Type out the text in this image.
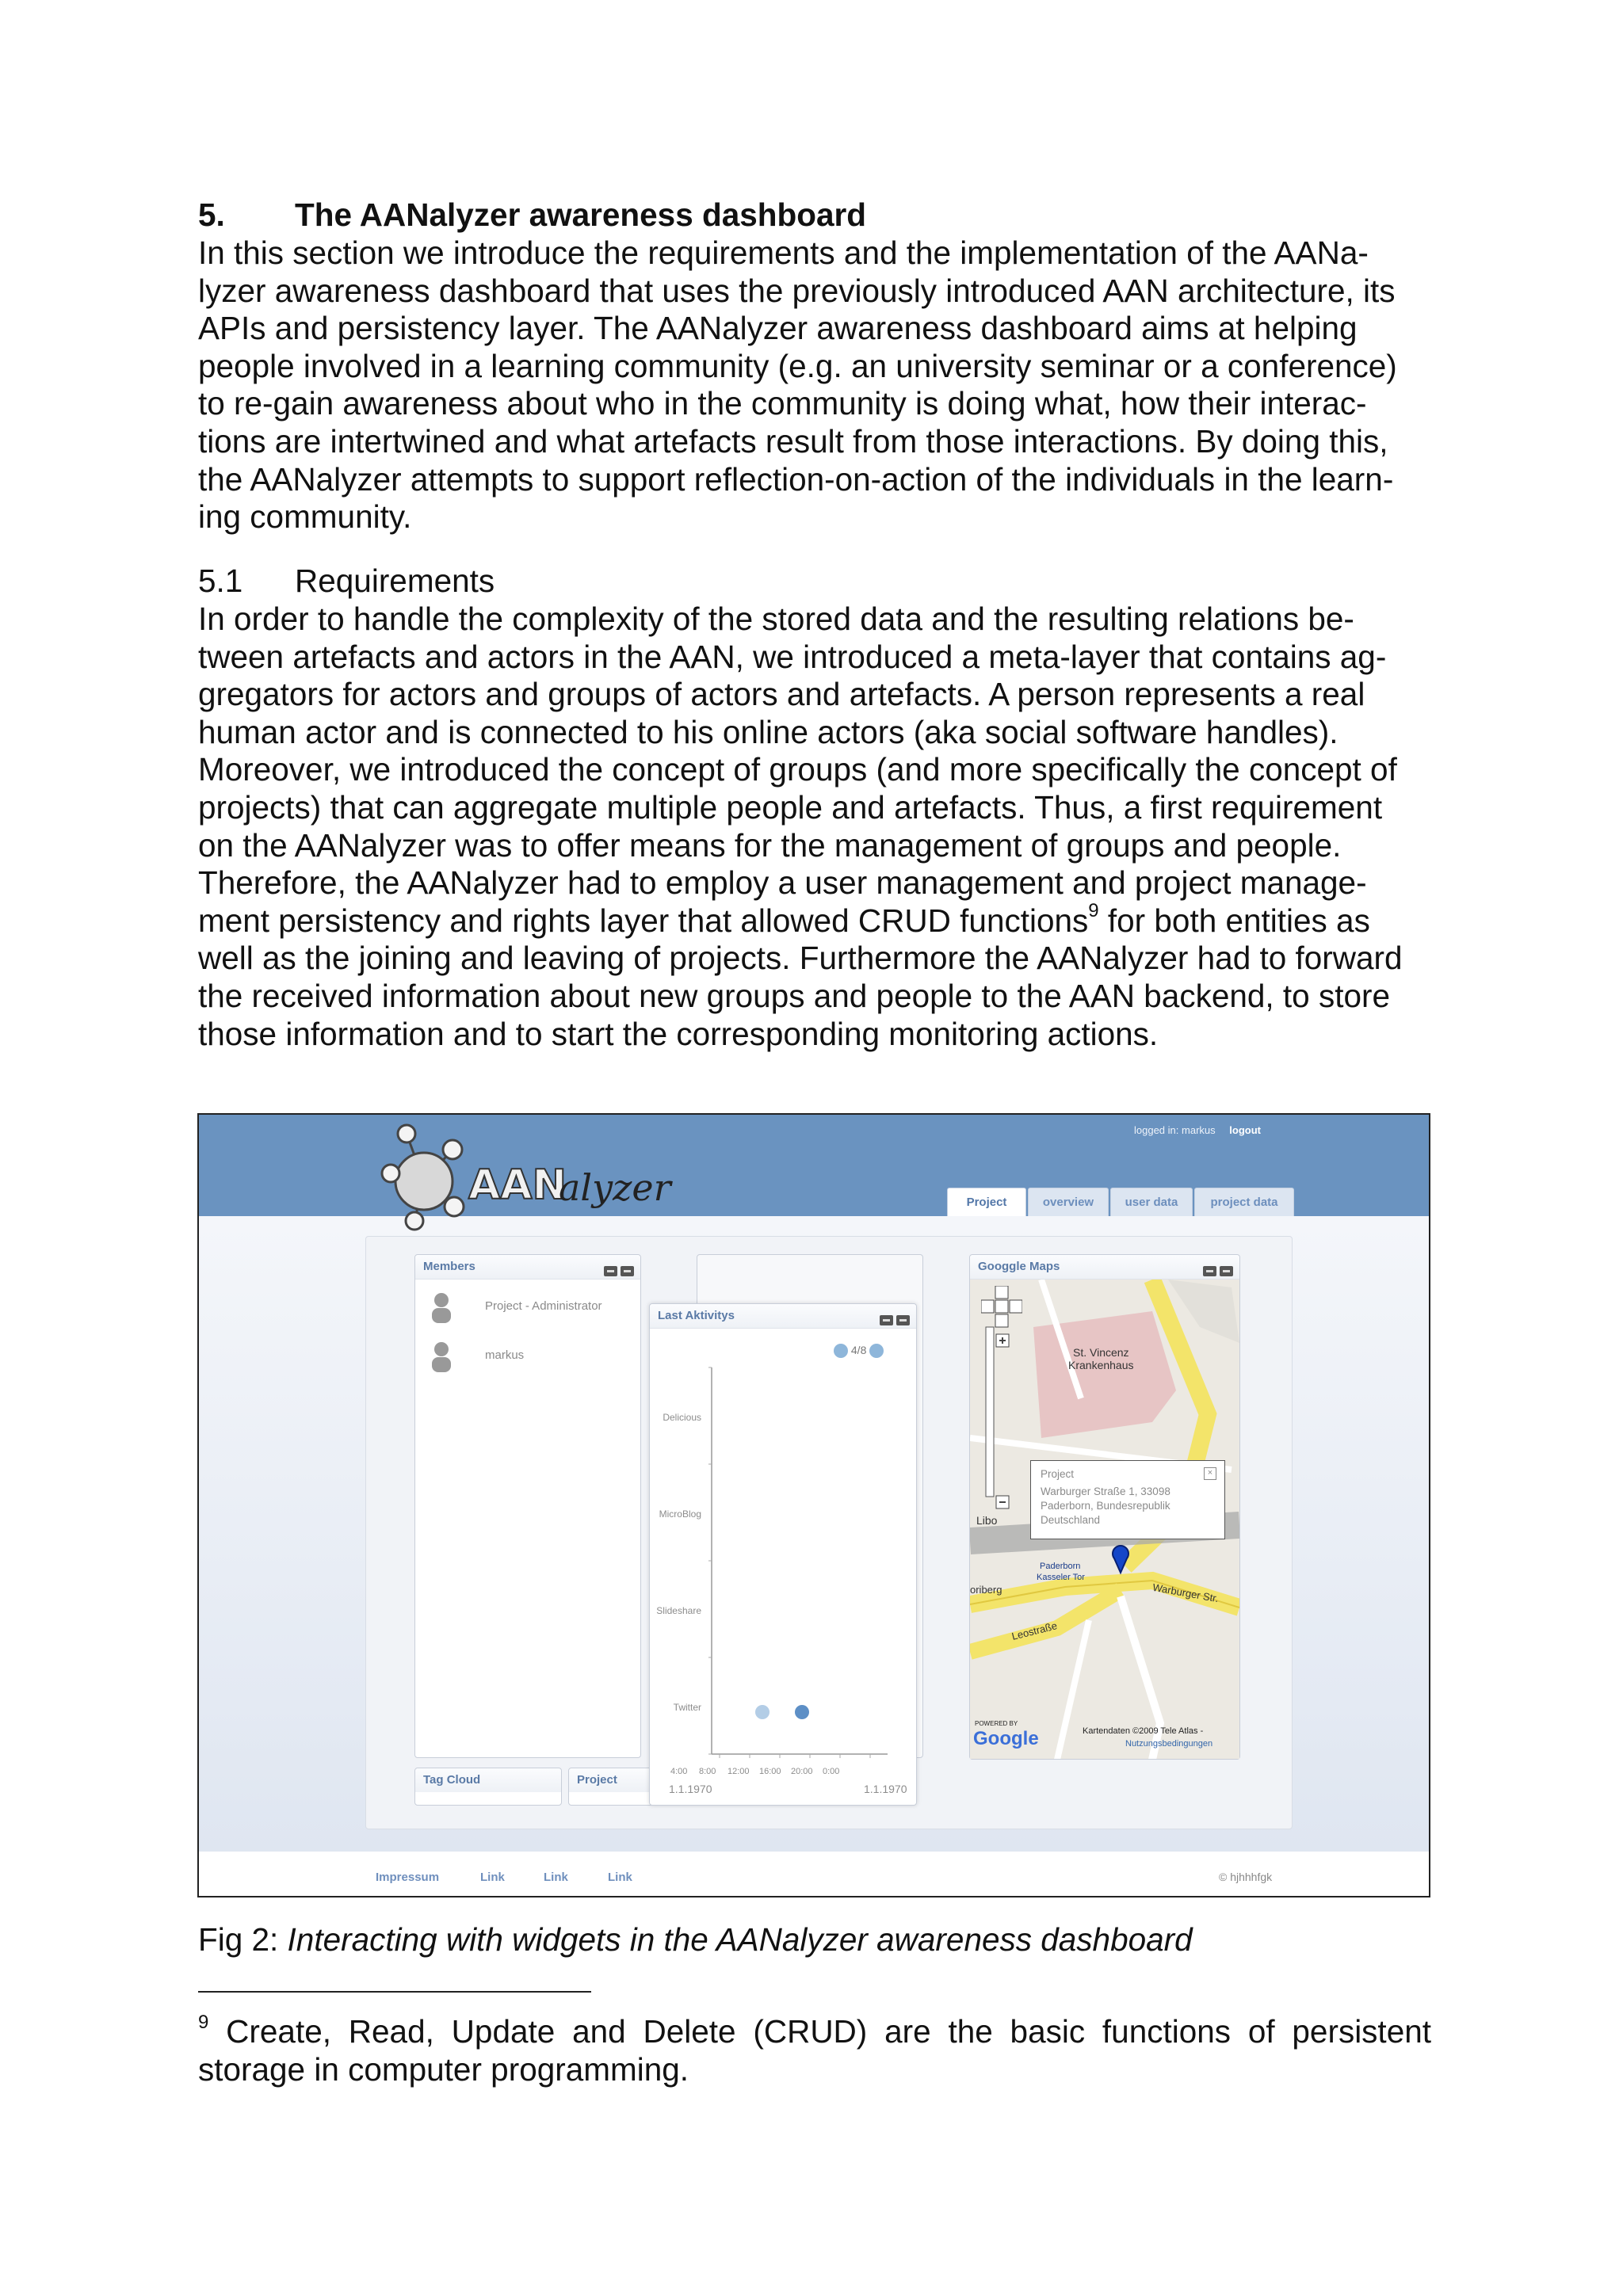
5. The AANalyzer awareness dashboard
In this section we introduce the requirements and the implementation of the AANa-
lyzer awareness dashboard that uses the previously introduced AAN architecture, its
APIs and persistency layer. The AANalyzer awareness dashboard aims at helping
people involved in a learning community (e.g. an university seminar or a conference)
to re-gain awareness about who in the community is doing what, how their interac-
tions are intertwined and what artefacts result from those interactions. By doing this,
the AANalyzer attempts to support reflection-on-action of the individuals in the learn-
ing community.
5.1 Requirements
In order to handle the complexity of the stored data and the resulting relations be-
tween artefacts and actors in the AAN, we introduced a meta-layer that contains ag-
gregators for actors and groups of actors and artefacts. A person represents a real
human actor and is connected to his online actors (aka social software handles).
Moreover, we introduced the concept of groups (and more specifically the concept of
projects) that can aggregate multiple people and artefacts. Thus, a first requirement
on the AANalyzer was to offer means for the management of groups and people.
Therefore, the AANalyzer had to employ a user management and project manage-
ment persistency and rights layer that allowed CRUD functions$^9$ for both entities as
well as the joining and leaving of projects. Furthermore the AANalyzer had to forward
the received information about new groups and people to the AAN backend, to store
those information and to start the corresponding monitoring actions.
AAN
alyzer
logged in: markus logout
Project	overview	user data	project data
Members
Project - Administrator
markus
Tag Cloud	Project
Last Aktivitys
4/8
Delicious
MicroBlog
Slideshare
Twitter
4:00 8:00 12:00 16:00 20:00 0:00
1.1.1970	1.1.1970
Googgle Maps
St. Vincenz
Krankenhaus
Paderborn
Kasseler Tor
Warburger Str.
Leostraße
Libo
oriberg
Project
Warburger Straße 1, 33098
Paderborn, Bundesrepublik
Deutschland
×
POWERED BY
Google	Kartendaten ©2009 Tele Atlas -
Nutzungsbedingungen
Impressum	Link	Link	Link	© hjhhhfgk
Fig 2: Interacting with widgets in the AANalyzer awareness dashboard
$^9$ Create, Read, Update and Delete (CRUD) are the basic functions of persistent storage in computer programming.
